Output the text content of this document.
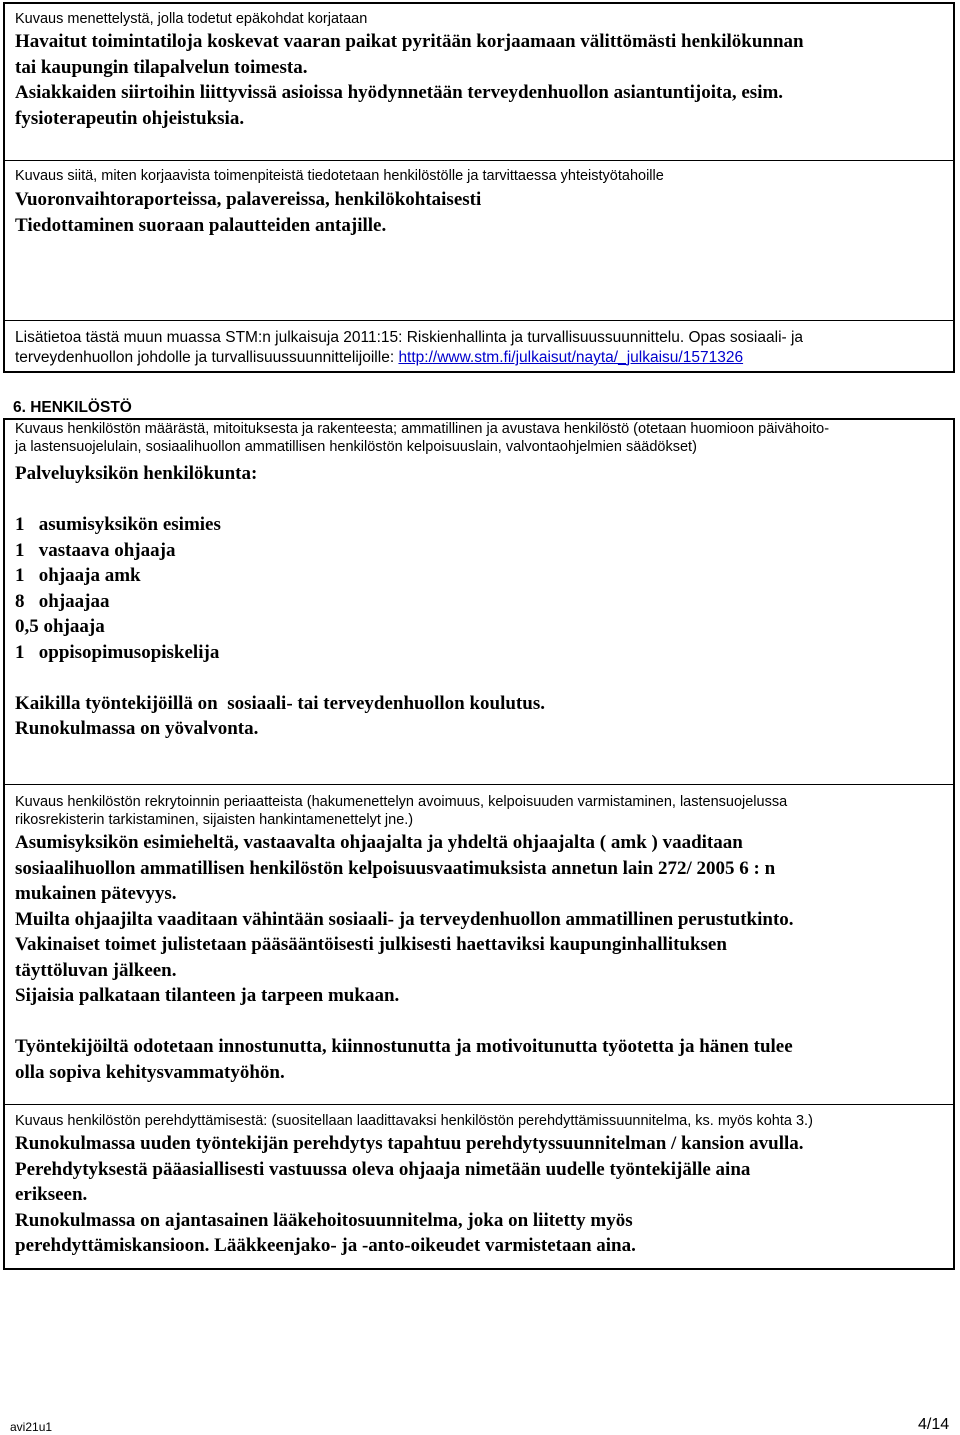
Kuvaus menettelystä, jolla todetut epäkohdat korjataan
Havaitut toimintatiloja koskevat vaaran paikat pyritään korjaamaan välittömästi henkilökunnan
tai kaupungin tilapalvelun toimesta.
Asiakkaiden siirtoihin liittyvissä asioissa hyödynnetään terveydenhuollon asiantuntijoita, esim.
fysioterapeutin ohjeistuksia.
Kuvaus siitä, miten korjaavista toimenpiteistä tiedotetaan henkilöstölle ja tarvittaessa yhteistyötahoille
Vuoronvaihtoraporteissa, palavereissa, henkilökohtaisesti
Tiedottaminen suoraan palautteiden antajille.
Lisätietoa tästä muun muassa STM:n julkaisuja 2011:15: Riskienhallinta ja turvallisuussuunnittelu. Opas sosiaali- ja
terveydenhuollon johdolle ja turvallisuussuunnittelijoille: http://www.stm.fi/julkaisut/nayta/_julkaisu/1571326
6. HENKILÖSTÖ
Kuvaus henkilöstön määrästä, mitoituksesta ja rakenteesta; ammatillinen ja avustava henkilöstö (otetaan huomioon päivähoito-
ja lastensuojelulain, sosiaalihuollon ammatillisen henkilöstön kelpoisuuslain, valvontaohjelmien säädökset)
Palveluyksikön henkilökunta:
1   asumisyksikön esimies
1   vastaava ohjaaja
1   ohjaaja amk
8   ohjaajaa
0,5 ohjaaja
1   oppisopimusopiskelija
Kaikilla työntekijöillä on  sosiaali- tai terveydenhuollon koulutus.
Runokulmassa on yövalvonta.
Kuvaus henkilöstön rekrytoinnin periaatteista (hakumenettelyn avoimuus, kelpoisuuden varmistaminen, lastensuojelussa
rikosrekisterin tarkistaminen, sijaisten hankintamenettelyt jne.)
Asumisyksikön esimieheltä, vastaavalta ohjaajalta ja yhdeltä ohjaajalta ( amk ) vaaditaan
sosiaalihuollon ammatillisen henkilöstön kelpoisuusvaatimuksista annetun lain 272/ 2005 6 : n
mukainen pätevyys.
Muilta ohjaajilta vaaditaan vähintään sosiaali- ja terveydenhuollon ammatillinen perustutkinto.
Vakinaiset toimet julistetaan pääsääntöisesti julkisesti haettaviksi kaupunginhallituksen
täyttöluvan jälkeen.
Sijaisia palkataan tilanteen ja tarpeen mukaan.
Työntekijöiltä odotetaan innostunutta, kiinnostunutta ja motivoitunutta työotetta ja hänen tulee
olla sopiva kehitysvammatyöhön.
Kuvaus henkilöstön perehdyttämisestä: (suositellaan laadittavaksi henkilöstön perehdyttämissuunnitelma, ks. myös kohta 3.)
Runokulmassa uuden työntekijän perehdytys tapahtuu perehdytyssuunnitelman / kansion avulla.
Perehdytyksestä pääasiallisesti vastuussa oleva ohjaaja nimetään uudelle työntekijälle aina
erikseen.
Runokulmassa on ajantasainen lääkehoitosuunnitelma, joka on liitetty myös
perehdyttämiskansioon. Lääkkeenjako- ja -anto-oikeudet varmistetaan aina.
avi21u1	4/14
